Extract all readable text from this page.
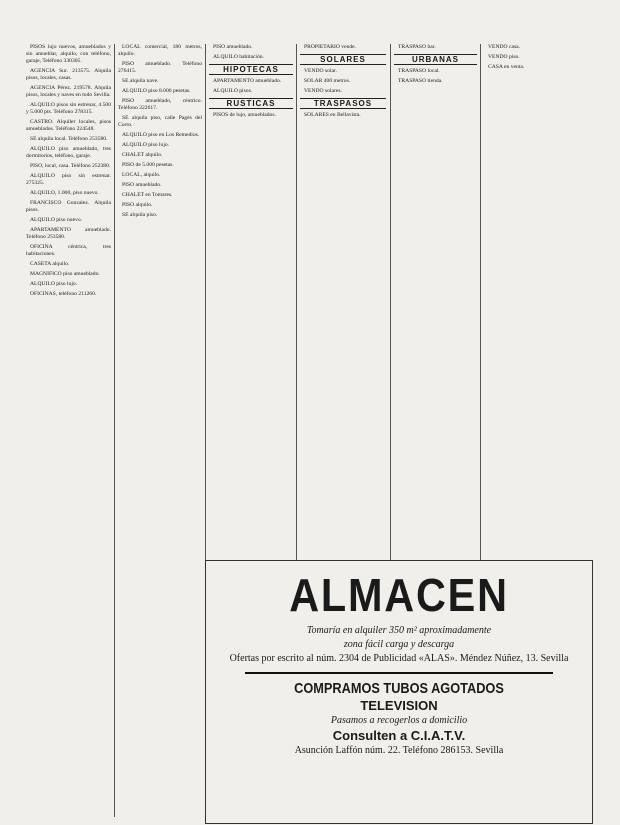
PISOS lujo nuevos, amueblados y sin amueblar, alquilo, con teléfono, garaje, Teléfono 330305.

AGENCIA Sur. 213575. Alquila pisos, locales, casas.

AGENCIA Pérez. 219578. Alquila pisos, locales y naves en todo Sevilla.

ALQUILO pisos sin estrenar, 4.500 y 5.000 pts. Teléfono 278315.

CASTRO. Alquiler locales, pisos amueblados. Teléfono 224548.

SE alquila local. Teléfono 253580.

ALQUILO piso amueblado, tres dormitorios, teléfono, garaje.

PISO, local, casa. Teléfono 252380.

ALQUILO piso sin estrenar. 275325.

ALQUILO, 1.000, piso nuevo.

FRANCISCO Gonzalez. Alquila pisos.

ALQUILO piso nuevo.

APARTAMENTO amueblado. Teléfono 253580.

OFICINA céntrica, tres habitaciones.

CASETA alquilo.

MAGNIFICO piso amueblado.

ALQUILO piso lujo.

OFICINAS, teléfono 211260.

LOCAL comercial, 180 metros, alquilo.

PISO amueblado. Teléfono 276415.

SE alquila nave.

ALQUILO piso 8.000 pesetas.

PISO amueblado, céntrico. Teléfono 222617.

SE alquila piso, calle Pagés del Corro.

ALQUILO piso en Los Remedios.

ALQUILO piso lujo.

CHALET alquilo.

PISO de 5.000 pesetas.

LOCAL, alquilo.

PISO amueblado.

CHALET en Tomares.

PISO alquilo.

SE alquila piso.

PISO amueblado.

ALQUILO habitación.

HIPOTECAS

APARTAMENTO amueblado.

ALQUILO pisos.

RUSTICAS

PISOS de lujo, amueblados.

PROPIETARIO vende.

SOLARES

VENDO solar.

SOLAR 400 metros.

VENDO solares.

TRASPASOS

SOLARES en Bellavista.

TRASPASO bar.

URBANAS

TRASPASO local.

TRASPASO tienda.

VENDO casa.

VENDO piso.

CASA en venta.

ALMACEN
Tomaría en alquiler 350 m² aproximadamente
zona fácil carga y descarga
Ofertas por escrito al núm. 2304 de Publicidad «ALAS». Méndez Núñez, 13. Sevilla
COMPRAMOS TUBOS AGOTADOS
TELEVISION
Pasamos a recogerlos a domicilio
Consulten a C.I.A.T.V.
Asunción Laffón núm. 22. Teléfono 286153. Sevilla
